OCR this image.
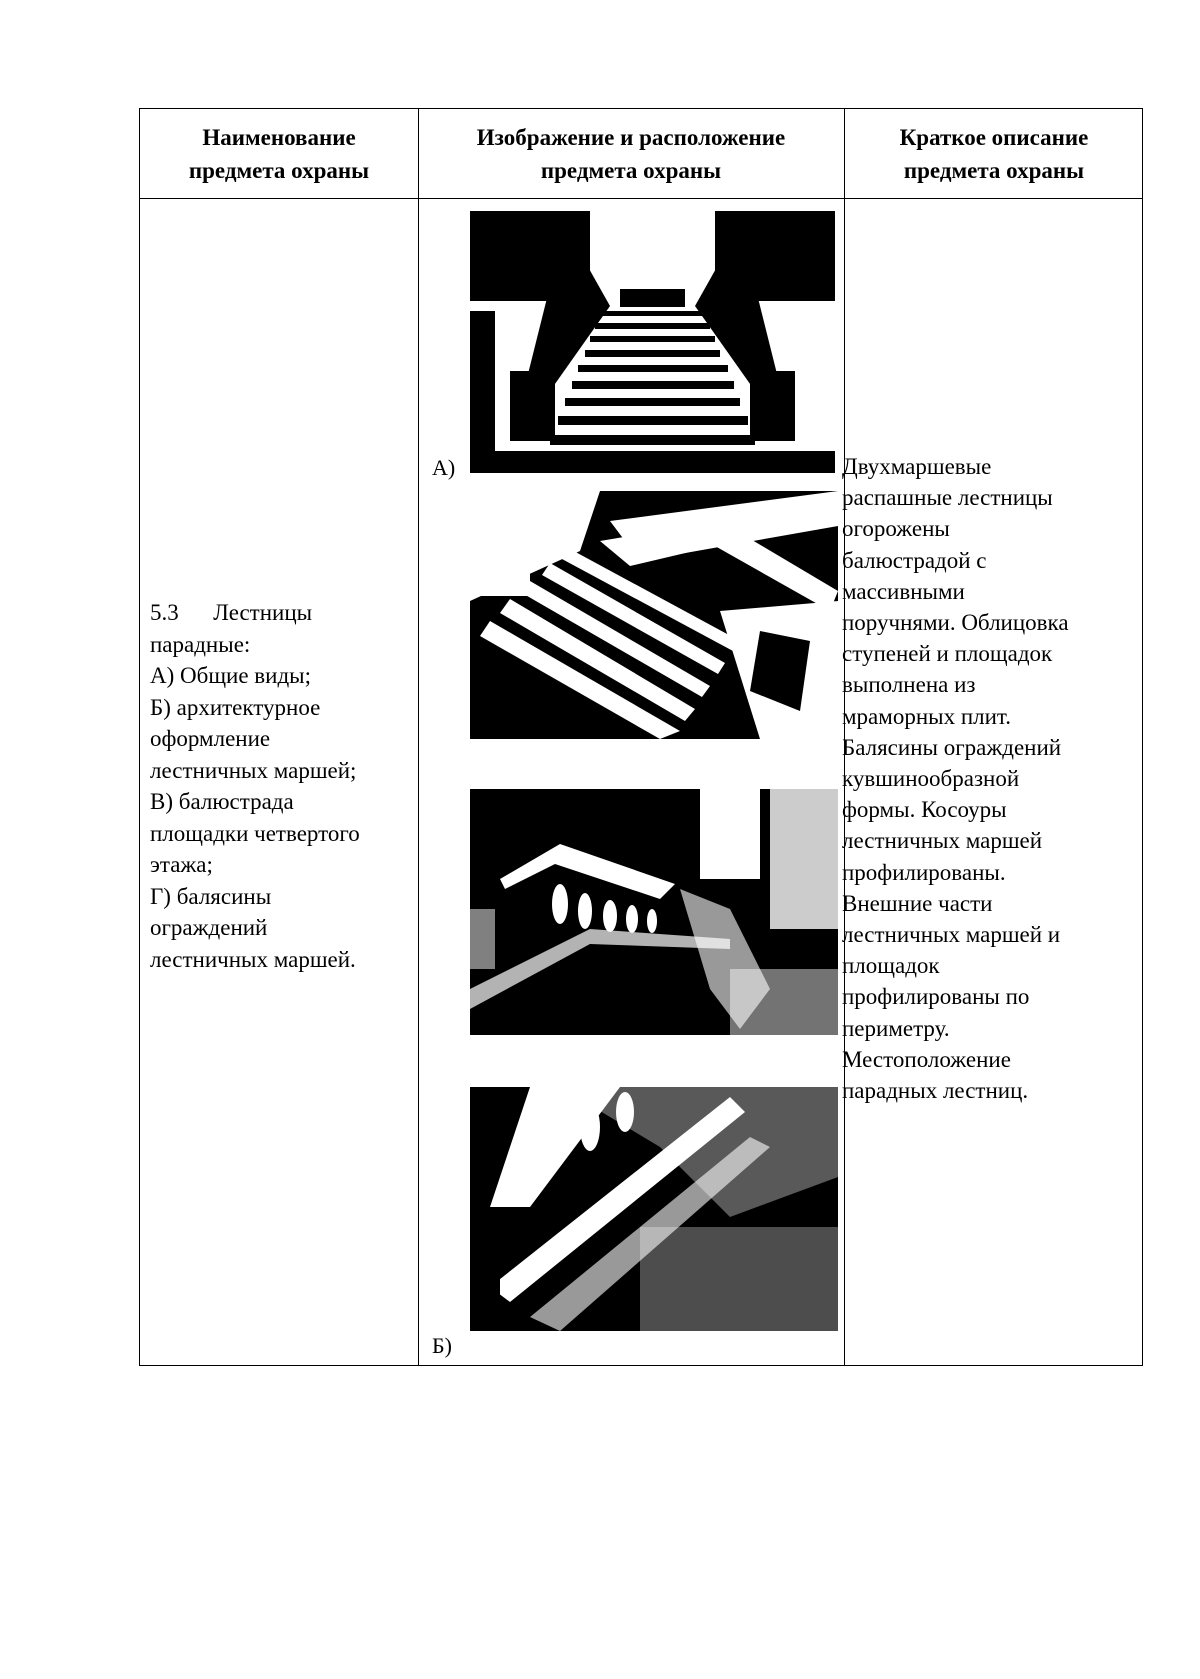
Наименование
предмета охраны
Изображение и расположение
предмета охраны
Краткое описание
предмета охраны
5.3      Лестницы
парадные:
А) Общие виды;
Б) архитектурное
оформление
лестничных маршей;
В) балюстрада
площадки четвертого
этажа;
Г) балясины
ограждений
лестничных маршей.
А)
Б)
Двухмаршевые
распашные лестницы
огорожены
балюстрадой с
массивными
поручнями. Облицовка
ступеней и площадок
выполнена из
мраморных плит.
Балясины ограждений
кувшинообразной
формы. Косоуры
лестничных маршей
профилированы.
Внешние части
лестничных маршей и
площадок
профилированы по
периметру.
Местоположение
парадных лестниц.
